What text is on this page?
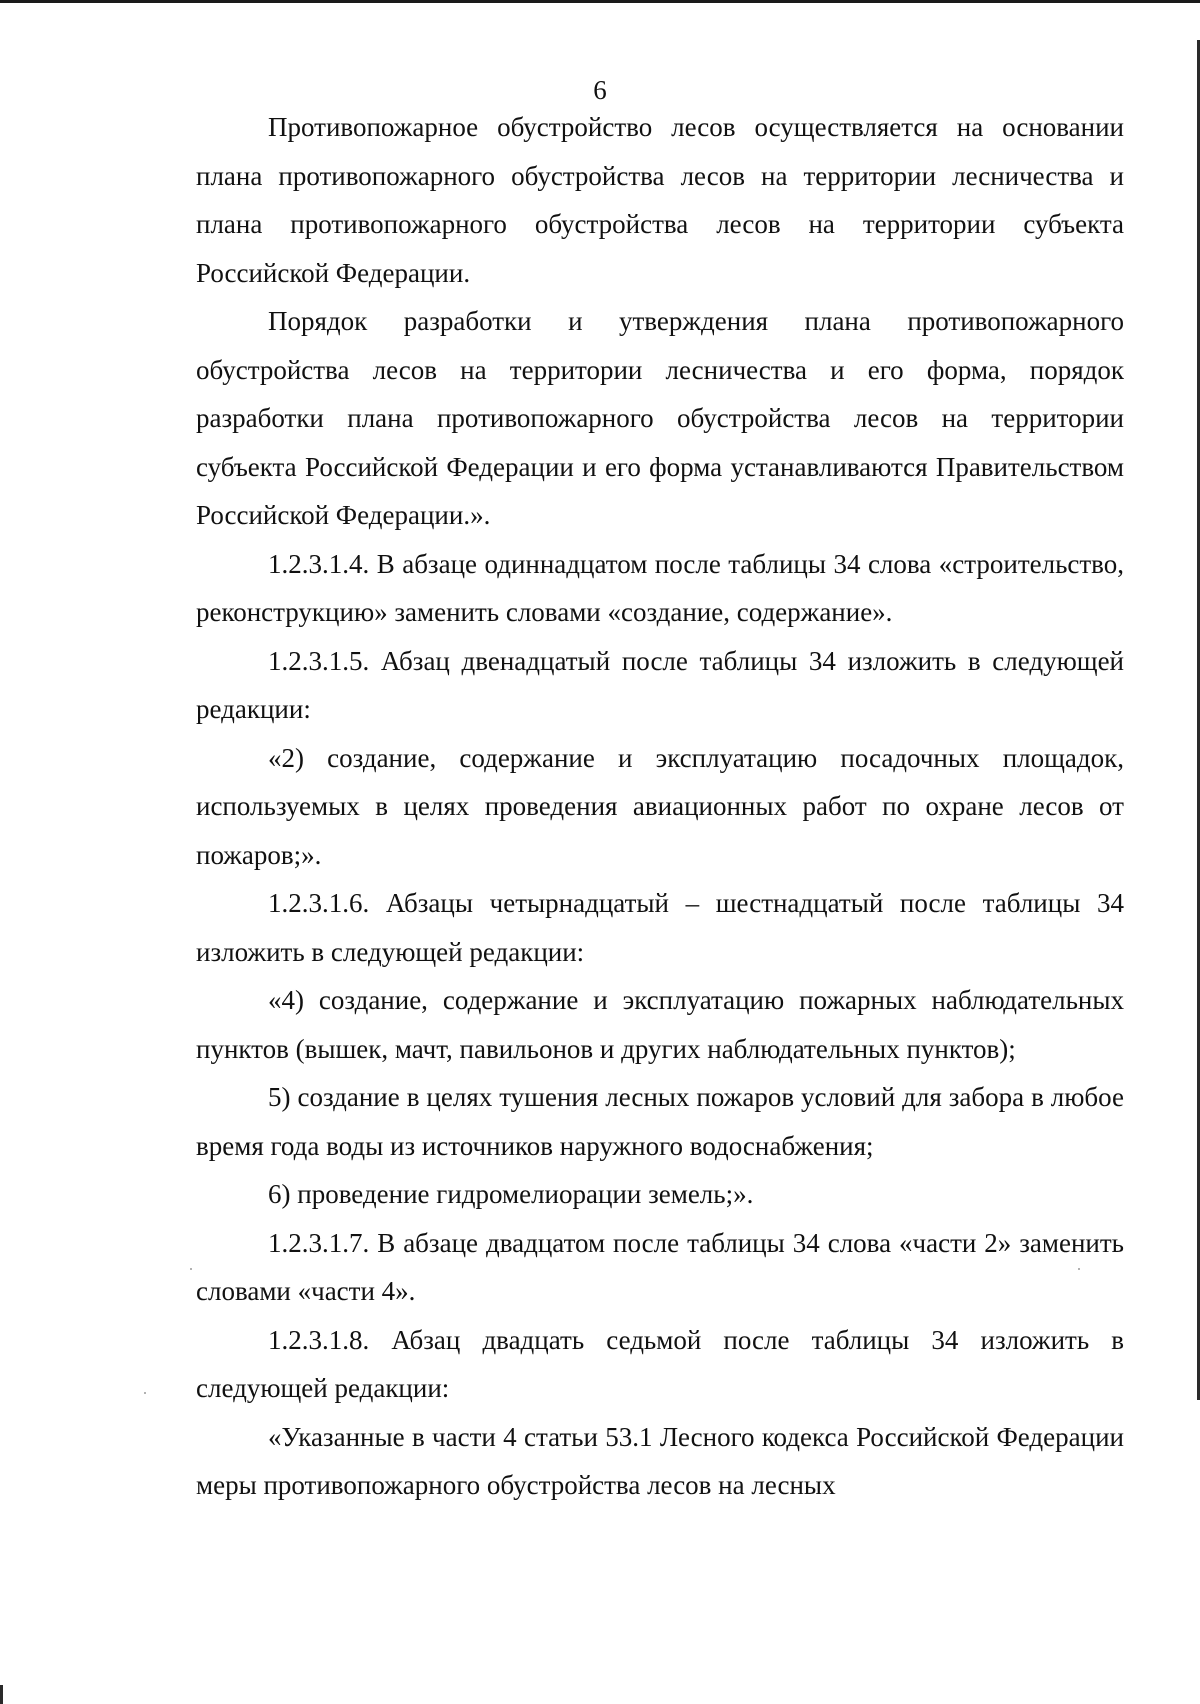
6

Противопожарное обустройство лесов осуществляется на основании плана противопожарного обустройства лесов на территории лесничества и плана противопожарного обустройства лесов на территории субъекта Российской Федерации.

Порядок разработки и утверждения плана противопожарного обустройства лесов на территории лесничества и его форма, порядок разработки плана противопожарного обустройства лесов на территории субъекта Российской Федерации и его форма устанавливаются Правительством Российской Федерации.».

1.2.3.1.4. В абзаце одиннадцатом после таблицы 34 слова «строительство, реконструкцию» заменить словами «создание, содержание».

1.2.3.1.5. Абзац двенадцатый после таблицы 34 изложить в следующей редакции:

«2) создание, содержание и эксплуатацию посадочных площадок, используемых в целях проведения авиационных работ по охране лесов от пожаров;».

1.2.3.1.6. Абзацы четырнадцатый – шестнадцатый после таблицы 34 изложить в следующей редакции:

«4) создание, содержание и эксплуатацию пожарных наблюдательных пунктов (вышек, мачт, павильонов и других наблюдательных пунктов);

5) создание в целях тушения лесных пожаров условий для забора в любое время года воды из источников наружного водоснабжения;

6) проведение гидромелиорации земель;».

1.2.3.1.7. В абзаце двадцатом после таблицы 34 слова «части 2» заменить словами «части 4».

1.2.3.1.8. Абзац двадцать седьмой после таблицы 34 изложить в следующей редакции:

«Указанные в части 4 статьи 53.1 Лесного кодекса Российской Федерации меры противопожарного обустройства лесов на лесных
